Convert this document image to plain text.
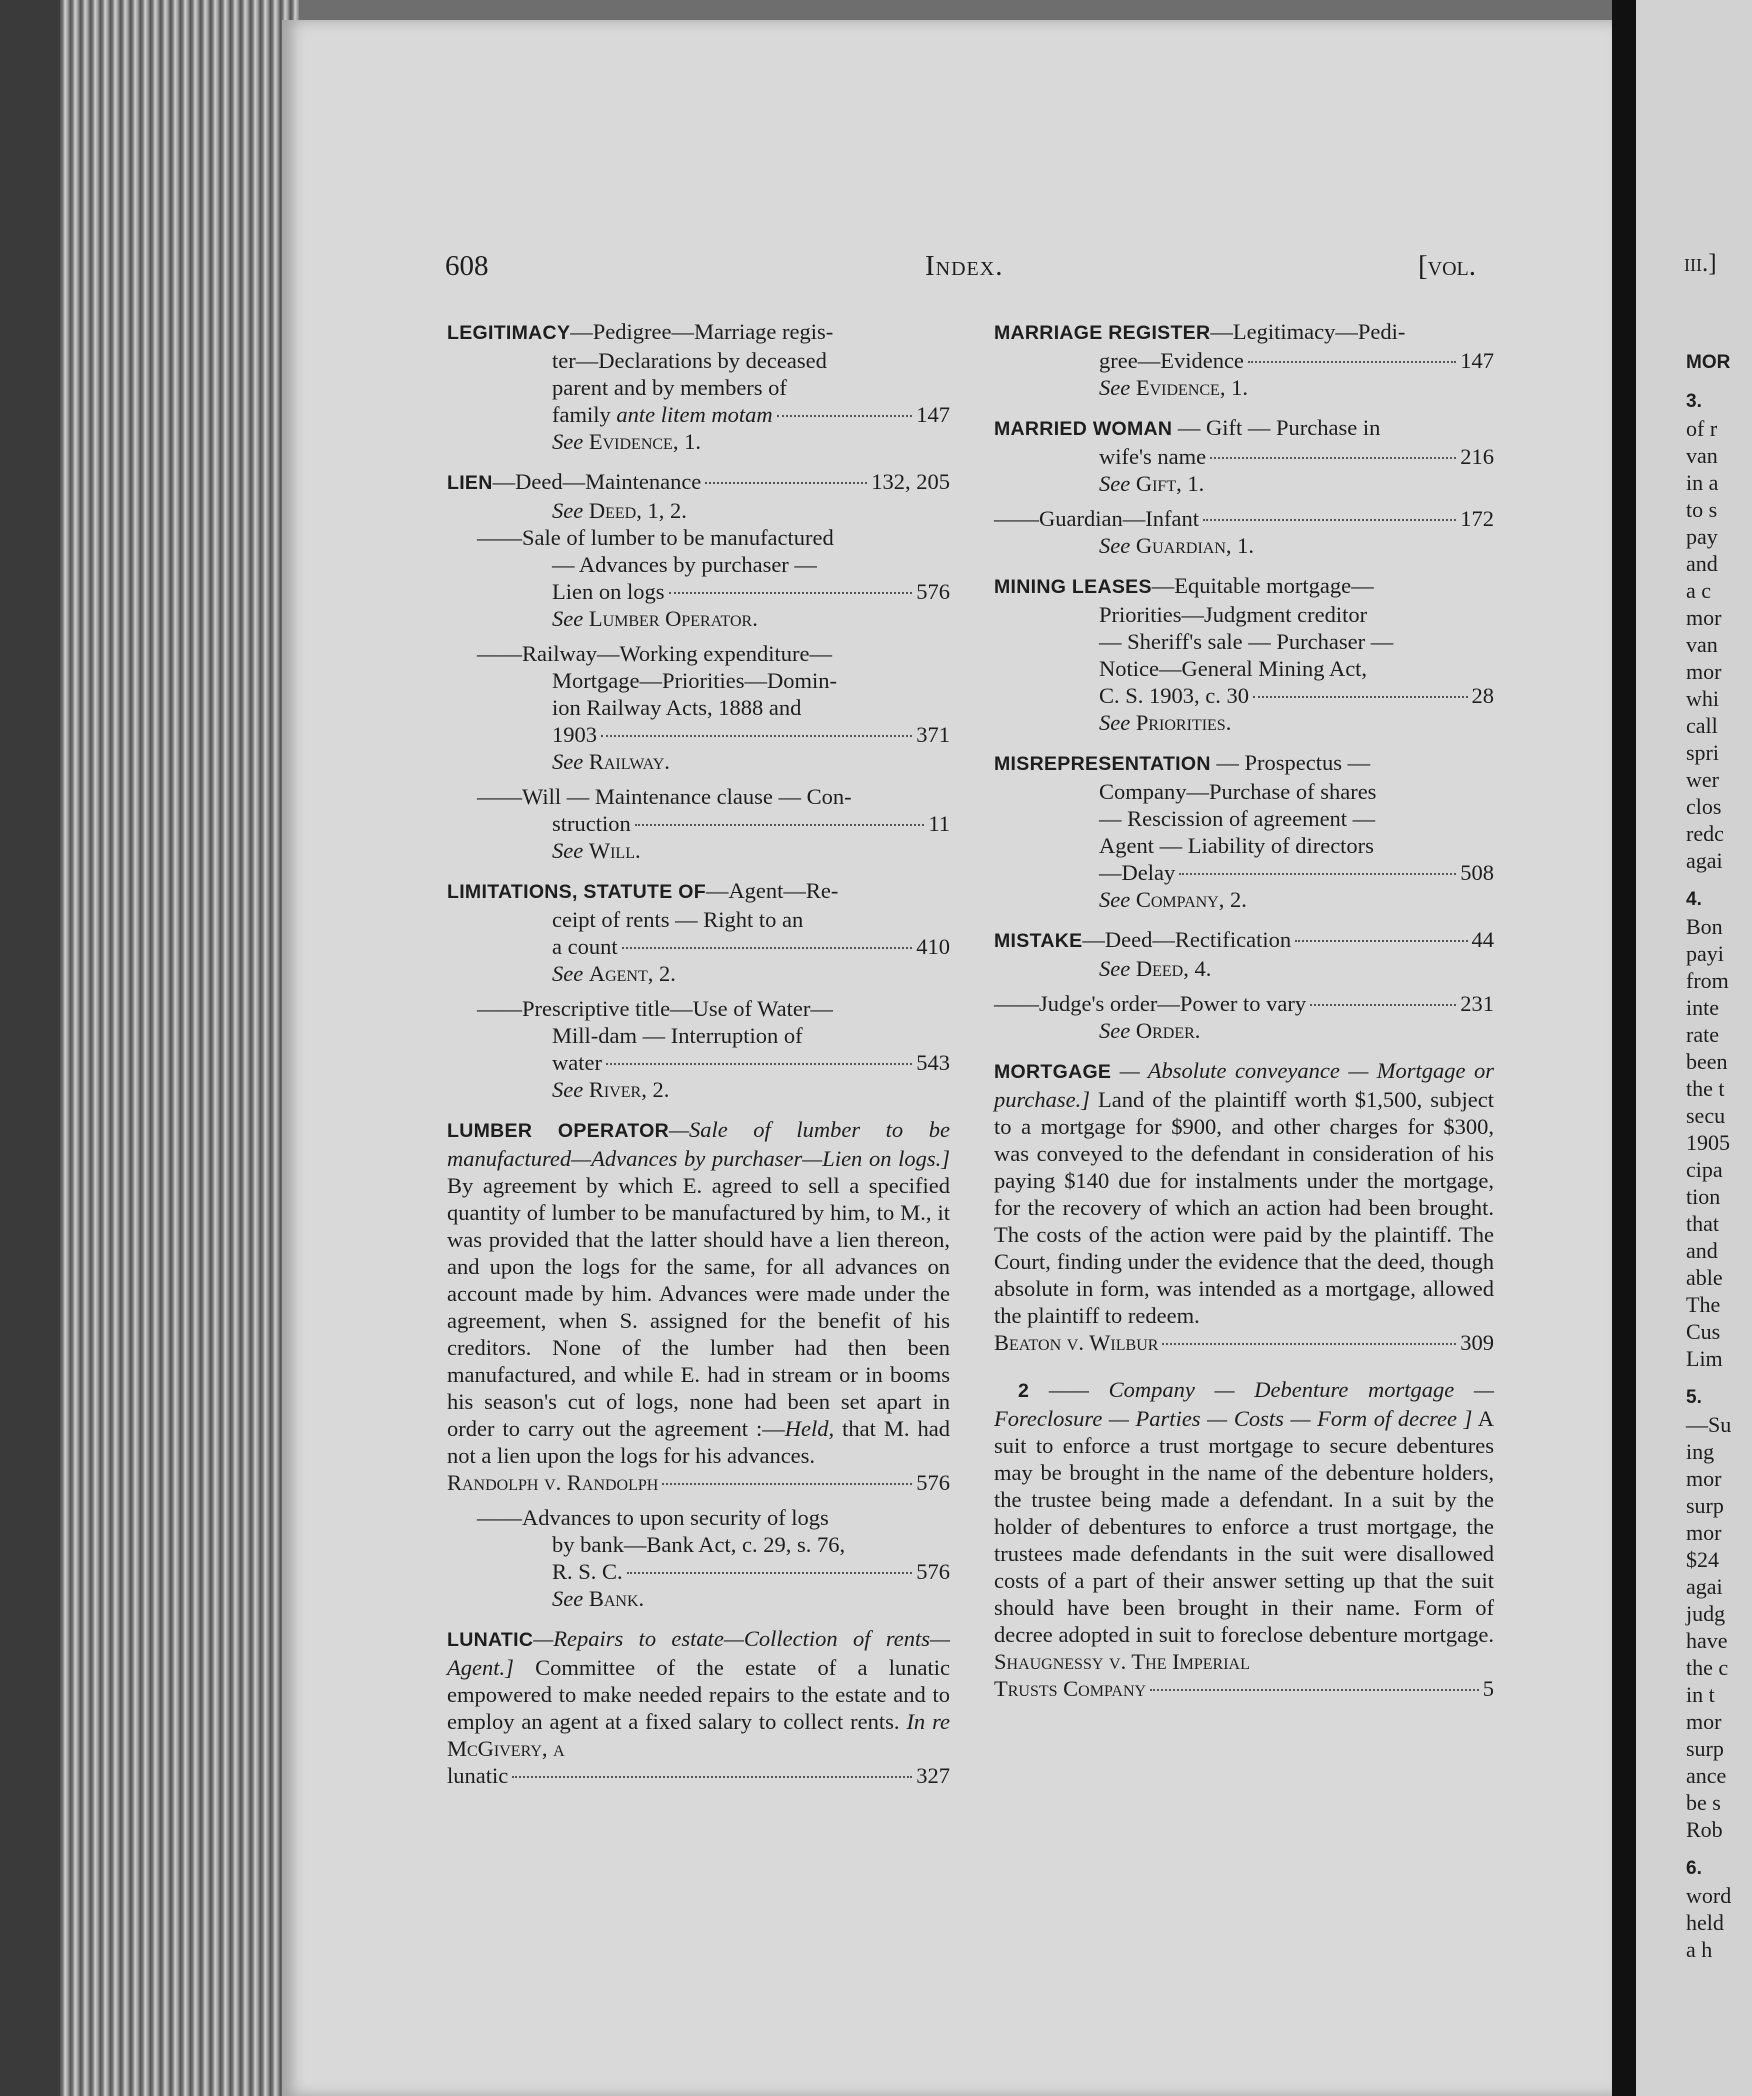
iii.]
MOR
3.
of r
van
in a
to s
pay
and
a c
mor
van
mor
whi
call
spri
wer
clos
redc
agai
4.
Bon
payi
from
inte
rate
been
the t
secu
1905
cipa
tion
that
and
able
The
Cus
Lim
5.
—Su
ing
mor
surp
mor
$24
agai
judg
have
the c
in t
mor
surp
ance
be s
Rob
6.
word
held
a h
608	Index.	[vol.

LEGITIMACY—Pedigree—Marriage regis-

ter—Declarations by deceased

parent and by members of

family ante litem motam	147

See Evidence, 1.

LIEN—Deed—Maintenance	132, 205

See Deed, 1, 2.

——Sale of lumber to be manufactured

— Advances by purchaser —

Lien on logs	576

See Lumber Operator.

——Railway—Working expenditure—

Mortgage—Priorities—Domin-

ion Railway Acts, 1888 and

1903	371

See Railway.

——Will — Maintenance clause — Con-

struction	11

See Will.

LIMITATIONS, STATUTE OF—Agent—Re-

ceipt of rents — Right to an

a count	410

See Agent, 2.

——Prescriptive title—Use of Water—

Mill-dam — Interruption of

water	543

See River, 2.

LUMBER OPERATOR—Sale of lumber to be manufactured—Advances by purchaser—Lien on logs.] By agreement by which E. agreed to sell a specified quantity of lumber to be manufactured by him, to M., it was provided that the latter should have a lien thereon, and upon the logs for the same, for all advances on account made by him. Advances were made under the agreement, when S. assigned for the benefit of his creditors. None of the lumber had then been manufactured, and while E. had in stream or in booms his season's cut of logs, none had been set apart in order to carry out the agreement :—Held, that M. had not a lien upon the logs for his advances.

Randolph v. Randolph	576

——Advances to upon security of logs

by bank—Bank Act, c. 29, s. 76,

R. S. C.	576

See Bank.

LUNATIC—Repairs to estate—Collection of rents—Agent.] Committee of the estate of a lunatic empowered to make needed repairs to the estate and to employ an agent at a fixed salary to collect rents. In re McGivery, a

lunatic	327

MARRIAGE REGISTER—Legitimacy—Pedi-

gree—Evidence	147

See Evidence, 1.

MARRIED WOMAN — Gift — Purchase in

wife's name	216

See Gift, 1.

——Guardian—Infant	172

See Guardian, 1.

MINING LEASES—Equitable mortgage—

Priorities—Judgment creditor

— Sheriff's sale — Purchaser —

Notice—General Mining Act,

C. S. 1903, c. 30	28

See Priorities.

MISREPRESENTATION — Prospectus —

Company—Purchase of shares

— Rescission of agreement —

Agent — Liability of directors

—Delay	508

See Company, 2.

MISTAKE—Deed—Rectification	44

See Deed, 4.

——Judge's order—Power to vary	231

See Order.

MORTGAGE — Absolute conveyance — Mortgage or purchase.] Land of the plaintiff worth $1,500, subject to a mortgage for $900, and other charges for $300, was conveyed to the defendant in consideration of his paying $140 due for instalments under the mortgage, for the recovery of which an action had been brought. The costs of the action were paid by the plaintiff. The Court, finding under the evidence that the deed, though absolute in form, was intended as a mortgage, allowed the plaintiff to redeem.

Beaton v. Wilbur	309

2 —— Company — Debenture mortgage — Foreclosure — Parties — Costs — Form of decree ] A suit to enforce a trust mortgage to secure debentures may be brought in the name of the debenture holders, the trustee being made a defendant. In a suit by the holder of debentures to enforce a trust mortgage, the trustees made defendants in the suit were disallowed costs of a part of their answer setting up that the suit should have been brought in their name. Form of decree adopted in suit to foreclose debenture mortgage. Shaugnessy v. The Imperial

Trusts Company	5
